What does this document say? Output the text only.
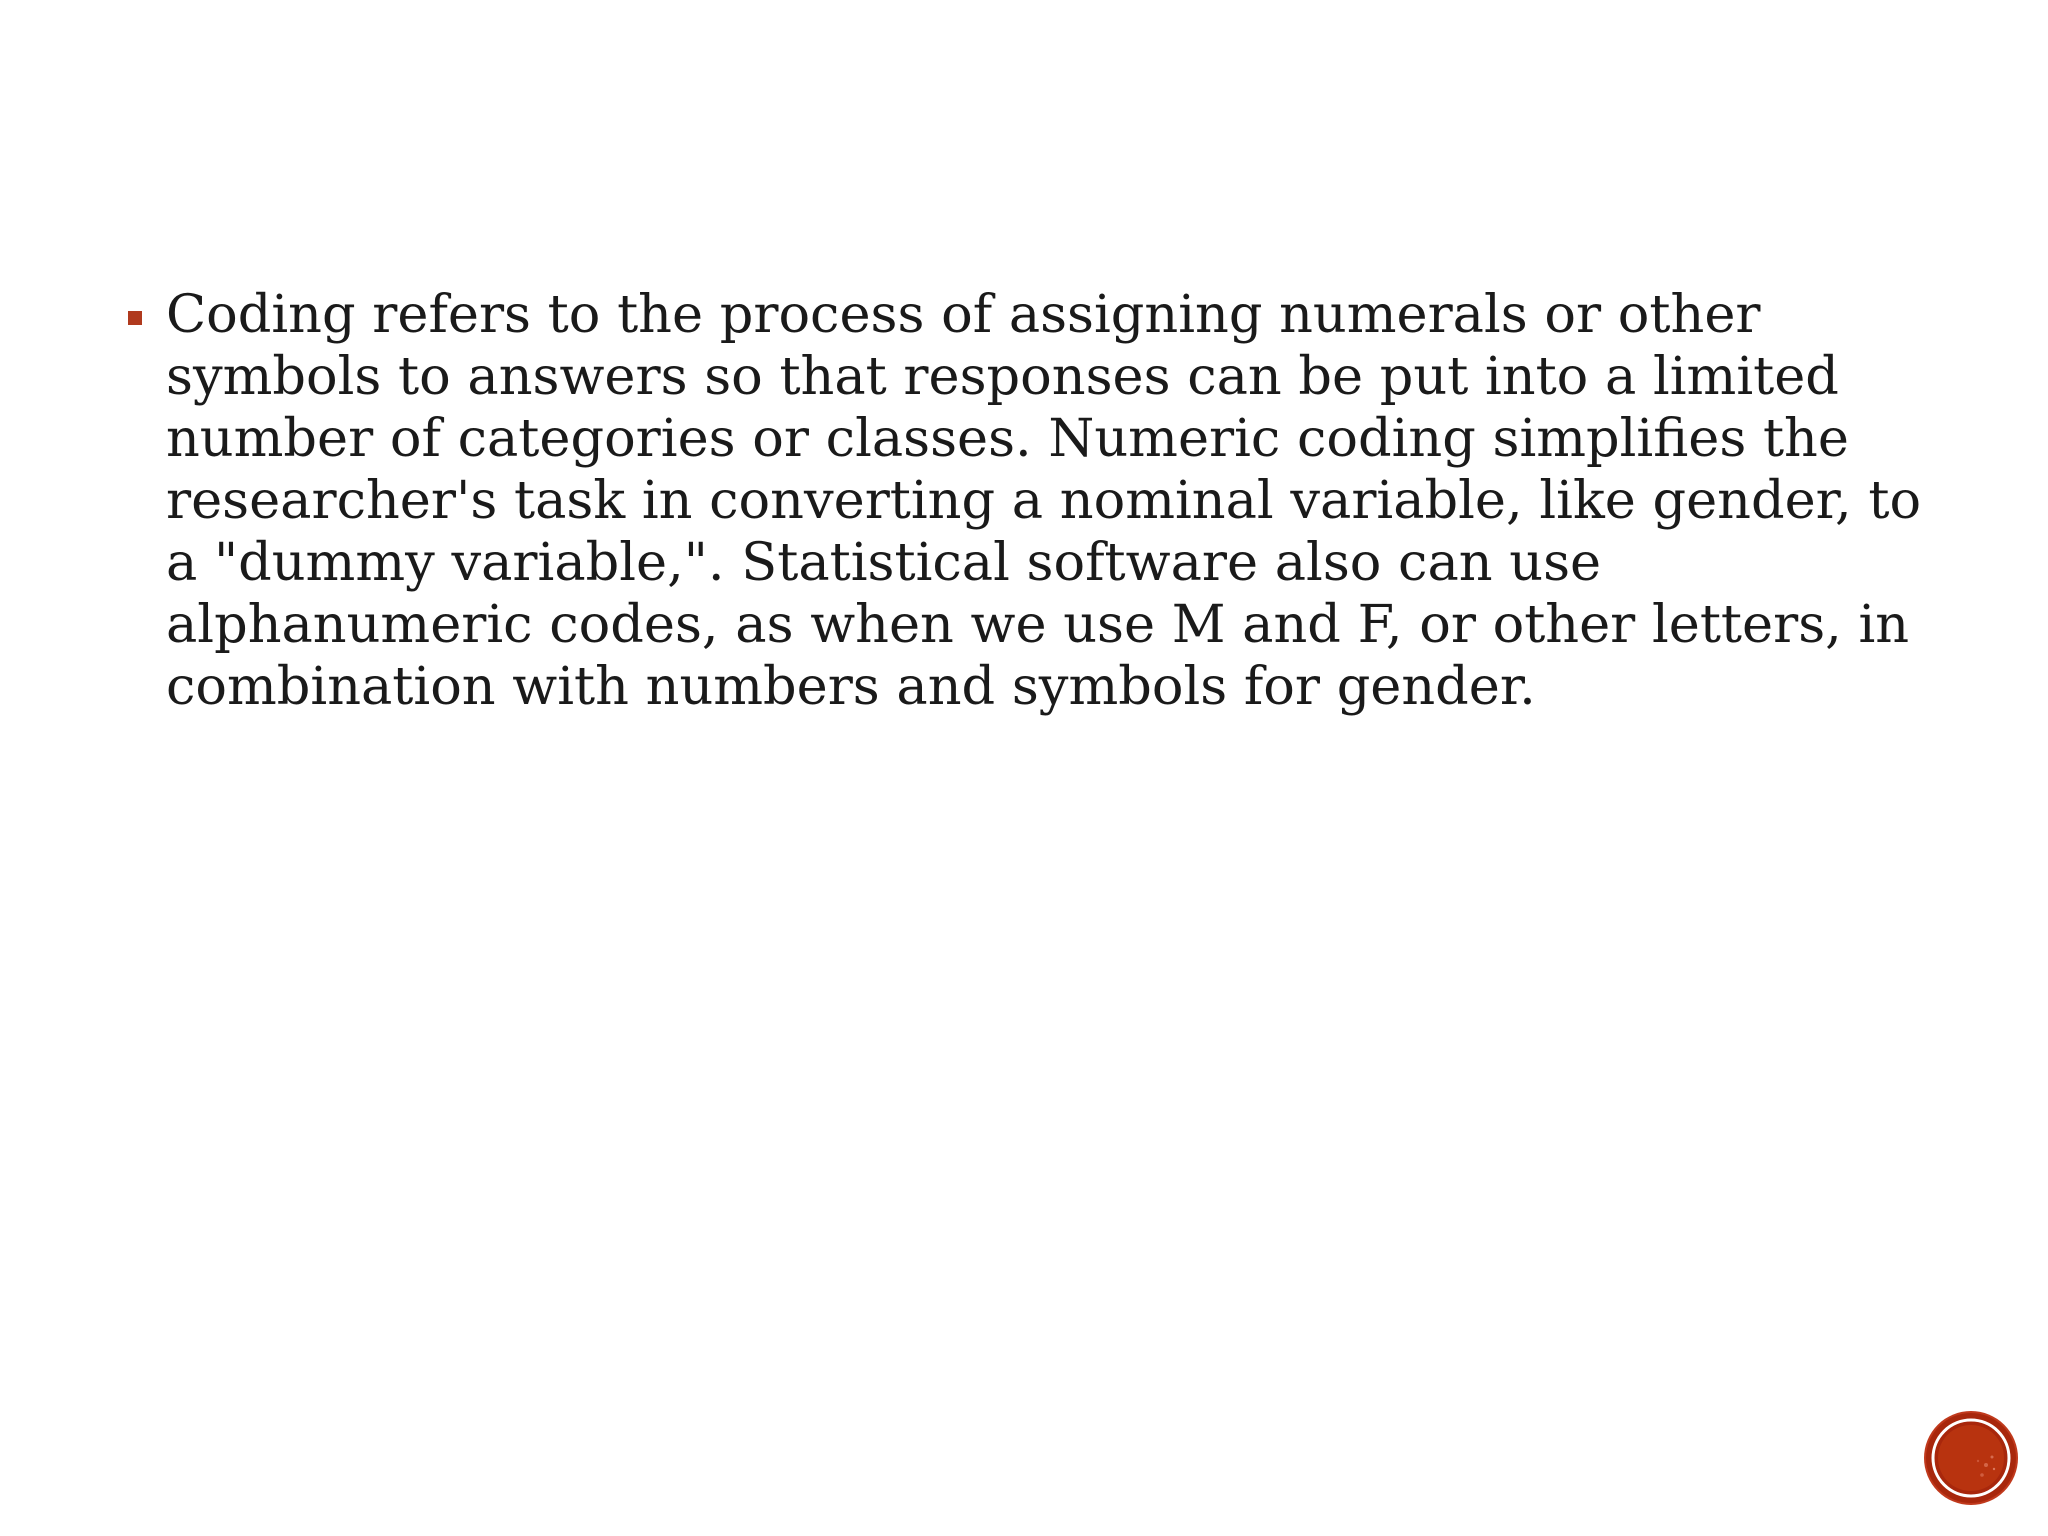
Coding refers to the process of assigning numerals or other symbols to answers so that responses can be put into a limited number of categories or classes. Numeric coding simplifies the researcher's task in converting a nominal variable, like gender, to a "dummy variable,". Statistical software also can use alphanumeric codes, as when we use M and F, or other letters, in combination with numbers and symbols for gender.
